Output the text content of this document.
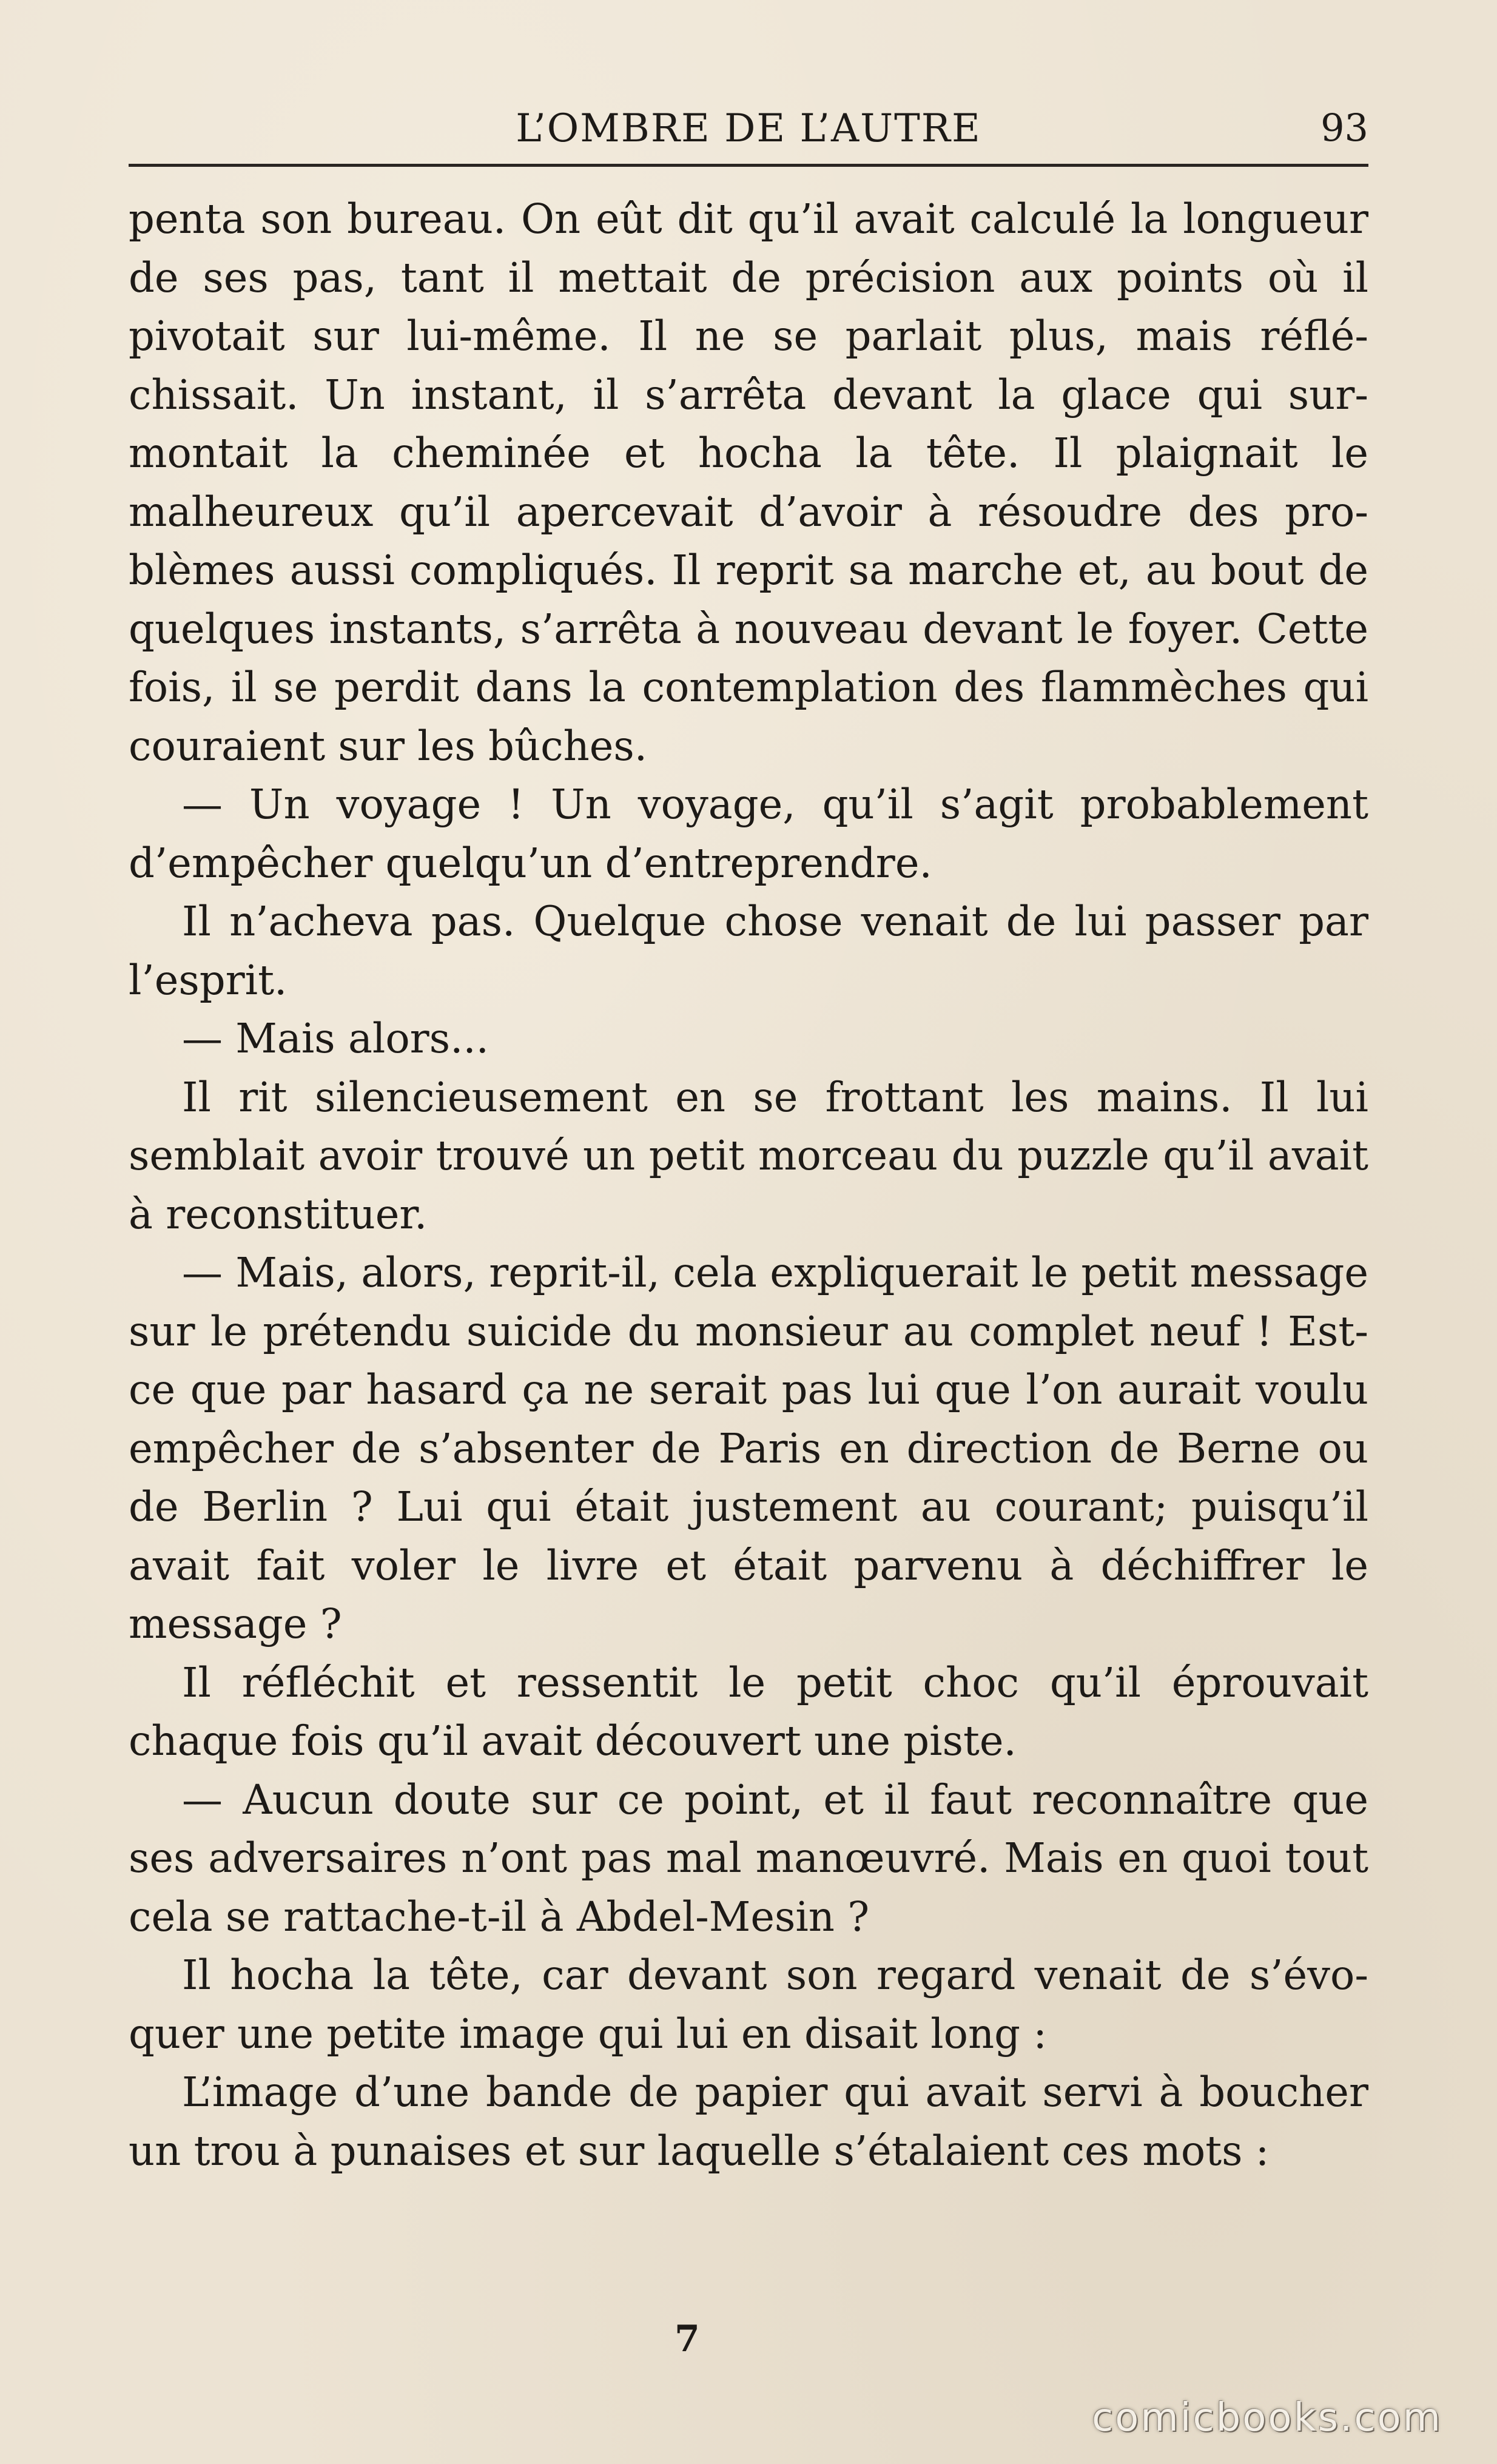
L’OMBRE DE L’AUTRE	93

penta son bureau. On eût dit qu’il avait calculé la longueur de ses pas, tant il mettait de précision aux points où il pivotait sur lui-même. Il ne se parlait plus, mais réfléchissait. Un instant, il s’arrêta devant la glace qui surmontait la cheminée et hocha la tête. Il plaignait le malheureux qu’il apercevait d’avoir à résoudre des problèmes aussi compliqués. Il reprit sa marche et, au bout de quelques instants, s’arrêta à nouveau devant le foyer. Cette fois, il se perdit dans la contemplation des flammèches qui couraient sur les bûches.

— Un voyage ! Un voyage, qu’il s’agit probablement d’empêcher quelqu’un d’entreprendre.

Il n’acheva pas. Quelque chose venait de lui passer par l’esprit.

— Mais alors...

Il rit silencieusement en se frottant les mains. Il lui semblait avoir trouvé un petit morceau du puzzle qu’il avait à reconstituer.

— Mais, alors, reprit-il, cela expliquerait le petit message sur le prétendu suicide du monsieur au complet neuf ! Est-ce que par hasard ça ne serait pas lui que l’on aurait voulu empêcher de s’absenter de Paris en direction de Berne ou de Berlin ? Lui qui était justement au courant; puisqu’il avait fait voler le livre et était parvenu à déchiffrer le message ?

Il réfléchit et ressentit le petit choc qu’il éprouvait chaque fois qu’il avait découvert une piste.

— Aucun doute sur ce point, et il faut reconnaître que ses adversaires n’ont pas mal manœuvré. Mais en quoi tout cela se rattache-t-il à Abdel-Mesin ?

Il hocha la tête, car devant son regard venait de s’évoquer une petite image qui lui en disait long :

L’image d’une bande de papier qui avait servi à boucher un trou à punaises et sur laquelle s’étalaient ces mots :

7
comicbooks.com
